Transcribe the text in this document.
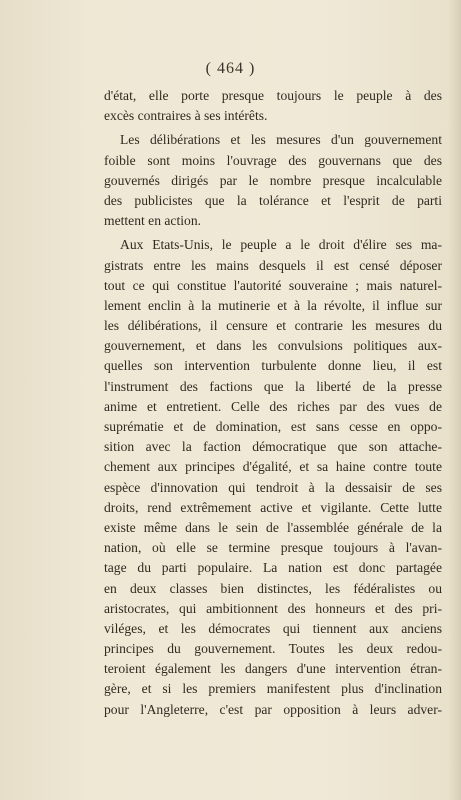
( 464 )
d'état, elle porte presque toujours le peuple à des
excès contraires à ses intérêts.
Les délibérations et les mesures d'un gouvernement
foible sont moins l'ouvrage des gouvernans que des
gouvernés dirigés par le nombre presque incalculable
des publicistes que la tolérance et l'esprit de parti
mettent en action.
Aux Etats-Unis, le peuple a le droit d'élire ses ma-
gistrats entre les mains desquels il est censé déposer
tout ce qui constitue l'autorité souveraine ; mais naturel-
lement enclin à la mutinerie et à la révolte, il influe sur
les délibérations, il censure et contrarie les mesures du
gouvernement, et dans les convulsions politiques aux-
quelles son intervention turbulente donne lieu, il est
l'instrument des factions que la liberté de la presse
anime et entretient. Celle des riches par des vues de
suprématie et de domination, est sans cesse en oppo-
sition avec la faction démocratique que son attache-
chement aux principes d'égalité, et sa haine contre toute
espèce d'innovation qui tendroit à la dessaisir de ses
droits, rend extrêmement active et vigilante. Cette lutte
existe même dans le sein de l'assemblée générale de la
nation, où elle se termine presque toujours à l'avan-
tage du parti populaire. La nation est donc partagée
en deux classes bien distinctes, les fédéralistes ou
aristocrates, qui ambitionnent des honneurs et des pri-
viléges, et les démocrates qui tiennent aux anciens
principes du gouvernement. Toutes les deux redou-
teroient également les dangers d'une intervention étran-
gère, et si les premiers manifestent plus d'inclination
pour l'Angleterre, c'est par opposition à leurs adver-
